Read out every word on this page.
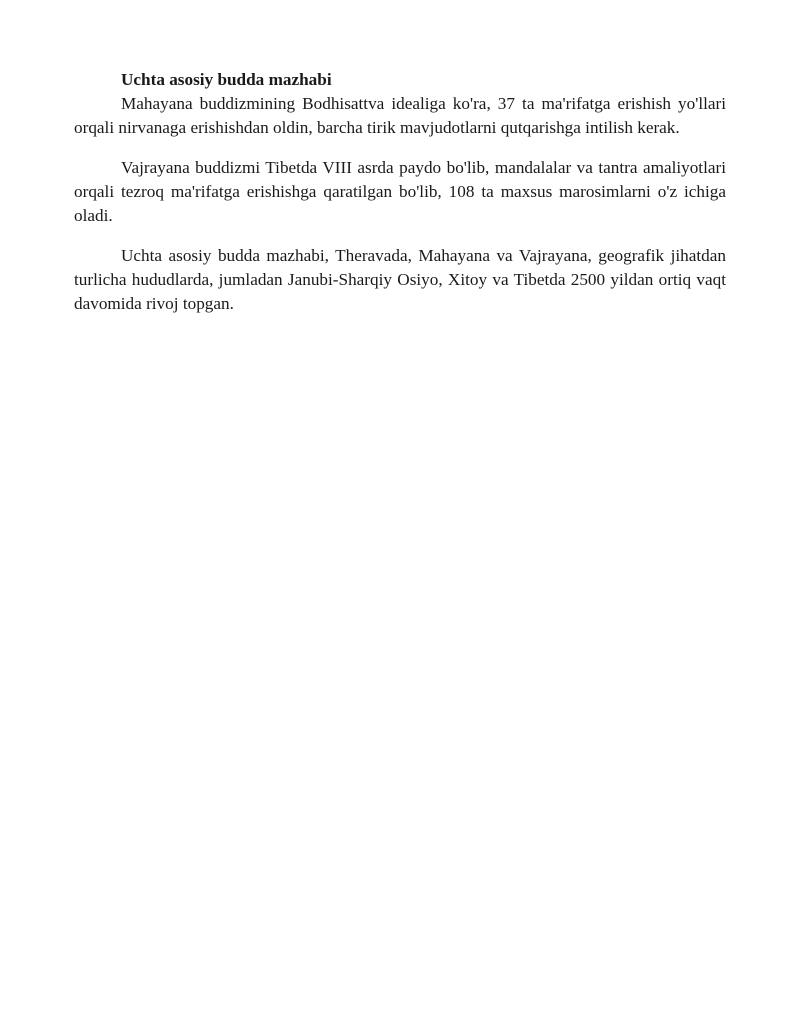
Uchta asosiy budda mazhabi

Mahayana buddizmining Bodhisattva idealiga ko'ra, 37 ta ma'rifatga erishish yo'llari orqali nirvanaga erishishdan oldin, barcha tirik mavjudotlarni qutqarishga intilish kerak.

Vajrayana buddizmi Tibetda VIII asrda paydo bo'lib, mandalalar va tantra amaliyotlari orqali tezroq ma'rifatga erishishga qaratilgan bo'lib, 108 ta maxsus marosimlarni o'z ichiga oladi.

Uchta asosiy budda mazhabi, Theravada, Mahayana va Vajrayana, geografik jihatdan turlicha hududlarda, jumladan Janubi-Sharqiy Osiyo, Xitoy va Tibetda 2500 yildan ortiq vaqt davomida rivoj topgan.
